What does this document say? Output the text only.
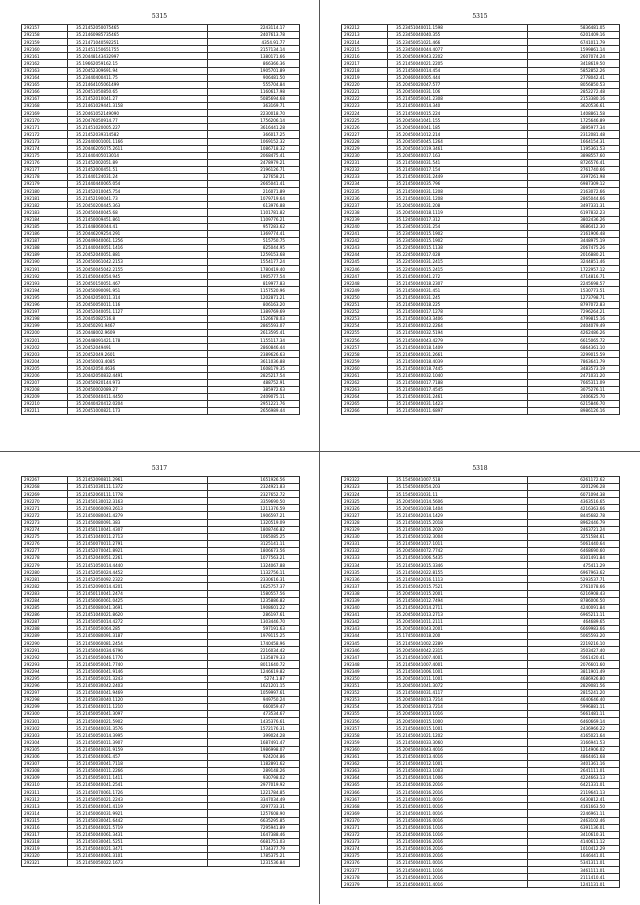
5315
292157	35.21452050075465	2243114.17
292158	35.21460985735465	2407613.78
292159	35.21471040592251	4354.91.77
292160	35.21451150651755	2157134.14
292161	35.20448143432997	1380171.66
292162	35.19662059162.15	866366.36
292163	35.20452309691.94	1905701.89
292164	35.23440400411.75	906481.50
292165	35.21464105061499	555704.84
292166	35.20451050850.65	1160617.98
292167	35.21452010041.27	5085694.68
292168	35.21461029441.3158	363169.71
292169	35.20461052149090	2230018.70
292170	35.20476050914.77	1756206.14
292171	35.21451020005.227	3616441.28
292172	35.21452039314582	366017.25
292173	35.22440001001.1166	1069152.32
292174	35.20446205075.2611	1086718.32
292175	35.21440405013014	2068475.41
292176	35.21452002051.89	2478979.21
292177	35.21452000451.51	2196126.71
292178	35.21440124031.24	327658.21
292179	35.21440440065.054	2665041.41
292180	35.21452010045.754	216071.89
292181	35.21452190041.73	1079719.64
292182	35.20450200445.363	613976.88
292183	35.20450040045.68	1101781.82
292184	35.21450009451.861	1109776.21
292185	35.21448060044.41	957283.62
292186	35.20446209254.291	1369774.41
292187	35.20449040061.1256	515750.75
292188	35.21440040051.1416	825044.95
292189	35.20452040051.881	1259153.68
292190	35.20450061042.2153	1554177.24
292191	35.20450045042.2155	1780419.40
292192	35.21450044054.945	1905777.54
292193	35.20450150051.467	819977.83
292194	35.20450090091.951	1157520.96
292195	35.20442050011.314	1202871.21
292196	35.20450050011.116	806163.20
292197	35.20452040051.1127	1389769.69
292198	35.20445082516.8	1526678.03
292199	35.20450291.9467	2865593.07
292200	35.20448002.9609	2613595.41
292201	35.20448091421.178	1155117.34
292202	35.20452049491	2860846.44
292203	35.20452049.2601	2389626.63
292204	35.20450003.4085	3611036.88
292205	35.20442050.4636	1608179.35
292206	35.20442050832.4491	2825217.54
292207	35.20450920144.973	488752.91
292208	35.20450002089.27	385972.63
292209	35.20450040411.4450	2409075.11
292210	35.20440420412.0204	2951221.76
292211	35.20451000821.173	2656989.44
5315
292212	35.23451040011.1598	5836481.05
292213	35.23450040040.355	6201409.16
292214	35.23450051021.466	6741011.79
292215	35.23450040044.4077	1599861.14
292216	35.20450049043.2202	2607074.24
292217	35.21450040021.2205	3418619.50
292218	35.21450040014.454	5852852.26
292219	35.20460040005.444	2778042.41
292220	35.20450020047.577	8056850.53
292221	35.20450040031.106	2852272.48
292222	35.21450050041.2308	2153380.16
292223	35.21450040014.340	3620536.61
292224	35.21450040015.224	1408861.58
292225	35.20450041041.155	1725646.89
292226	35.20450040041.185	3895977.34
292227	35.20450041012.214	2312081.48
292228	35.20450050045.1264	1664154.31
292229	35.20450041019.3461	1195361.53
292230	35.20450040017.163	3898557.60
292231	35.21450040031.541	8726576.41
292232	35.21450040017.154	2761740.66
292233	35.21450040031.2449	3397261.98
292234	35.21450040035.796	6987309.12
292235	35.21450040031.1208	2163072.66
292236	35.21450040031.1208	2865044.66
292237	35.20450040031.208	3497331.31
292238	35.20450040018.1119	6197832.23
292239	35.12450040017.312	3802436.26
292240	35.23450041031.254	8686412.30
292241	35.23450040015.1902	2161906.48
292242	35.23450040015.1902	3448975.19
292243	35.22450040015.1138	2067475.26
292244	35.22450040017.028	2016880.21
292245	35.22450040031.2415	3244851.46
292246	35.22450040015.2415	1722957.12
292247	35.21450040041.272	4714816.71
292248	35.21450040018.2307	2245698.57
292249	35.21450040031.451	1530773.51
292250	35.21450040031.245	1273798.71
292251	35.21450040018.225	8797072.83
292252	35.21450040017.1278	7296264.21
292253	35.21450040043.3406	4799815.16
292254	35.21450040012.2264	2404079.49
292255	35.21450040032.5194	4262486.26
292256	35.21450040043.4279	6615065.72
292257	35.21450040018.1409	6864361.10
292258	35.21450040031.2661	3299015.59
292259	35.21450040018.4039	7863641.79
292260	35.21450040018.7445	3483573.19
292261	35.21450040032.1040	2471031.20
292262	35.21450040017.7188	7665311.09
292263	35.21450040017.4545	3075276.11
292264	35.21450040031.2461	2406625.70
292265	35.21450040031.1423	6215846.70
292266	35.21450040011.6897	8986126.16
5317
292267	35.21452090811.2961	1651926.56
292268	35.21451030111.1372	2324921.83
292269	35.21452060111.1778	2327652.72
292270	35.21450130012.3163	3359690.50
292271	35.21450060093.2613	1211376.59
292272	35.21450080041.4279	1906597.21
292273	35.21450080091.383	1320519.09
292274	35.21450110041.4307	1808746.82
292275	35.21451040011.2713	1065085.25
292276	35.21450070011.2791	3125141.11
292277	35.21452070041.8921	1806673.56
292278	35.21452040051.2261	1077563.21
292279	35.21451050014.4440	1324067.88
292280	35.21452050024.4452	1132756.11
292281	35.21452050092.2322	2330616.31
292282	35.21452090014.4201	1625757.37
292283	35.21450110041.2474	1580557.56
292284	35.21450060061.0425	1235886.82
292285	35.21450080041.3691	1908601.22
292286	35.21451040021.8620	286197.61
292287	35.21450050014.4272	1303446.70
292288	35.21450050064.285	597191.63
292289	35.21450080091.3187	1979115.25
292290	35.21450060081.2454	1740458.96
292291	35.21450040034.6796	2216034.42
292292	35.21450050046.1770	1335879.33
292293	35.21450050041.7740	8011640.72
292294	35.21450060041.9146	1246619.82
292295	35.21450050021.3243	5274.1.87
292296	35.21450030042.2403	1621201.15
292297	35.21450040041.9469	1059997.61
292298	35.21450030040.1120	949750.24
292299	35.21450040011.1210	660059.47
292300	35.21450050041.3097	473534.67
292301	35.21450040021.5902	1435376.61
292302	35.21450040031.3576	1572176.31
292303	35.21450050014.3995	399024.28
292304	35.21450050011.3907	1687491.47
292305	35.21450040031.9159	1986998.07
292306	35.21450040061.457	924204.86
292307	35.21450030041.7118	1182891.62
292308	35.21450040011.2266	289148.26
292309	35.21450050011.1411	930798.02
292310	35.21450040041.2541	2977019.92
292311	35.21450070061.1726	1221784.85
292312	35.21450050021.2243	3347034.49
292313	35.21450040041.4119	3297733.31
292314	35.21450060031.9921	1257608.90
292315	35.21450030041.6442	6635295.85
292316	35.21450040021.5719	7295941.89
292317	35.21450040061.3431	1647388.46
292318	35.21450030041.5251	6681751.03
292319	35.21450040021.3471	1734377.79
292320	35.21450040061.3101	1785375.21
292321	35.21450050022.1673	1231536.84
5318
292322	35.15450041007.518	6261172.62
292323	35.15450040054.203	3201296.28
292324	35.15450031031.11	6071094.38
292325	35.20450041014.5606	4363516.65
292326	35.20450031038.1404	4216363.66
292327	35.21450042014.1429	8445682.78
292328	35.21450041015.2018	8962446.79
292329	35.21450041016.2020	2463721.24
292330	35.21450041032.3004	3251584.61
292331	35.21450041017.1011	5061440.64
292332	35.20450040072.7742	6468690.60
292333	35.21450041006.5435	8301491.84
292334	35.21450043015.3346	475411.29
292335	35.21450042022.8155	6967963.62
292336	35.21450042016.1113	5293537.71
292337	35.21450042015.7521	2761078.66
292338	35.20450041015.2001	6216908.43
292339	35.21450041012.7494	8786006.50
292340	35.21450042014.2711	4240091.84
292341	35.20450041013.2713	6965211.11
292342	35.20450041011.2111	464689.65
292343	35.20450040043.2001	6669983.66
292344	35.17450040018.200	5065593.20
292345	35.21450041002.2289	2219216.10
292346	35.20450040042.2315	3503427.40
292347	35.21450041007.4001	5061420.41
292348	35.21450041007.4001	2076601.60
292349	35.21450041006.1001	3811901.49
292350	35.20450041011.1001	4686926.80
292351	35.20450041041.3072	2829081.56
292352	35.21450040031.4117	2815241.20
292353	35.20450040013.7214	4640646.40
292354	35.20450040013.7214	5996881.11
292355	35.20450041013.1016	5661481.11
292356	35.20450040015.1000	6460669.14
292357	35.21450040015.1001	2436966.22
292358	35.21450041021.1202	4165021.64
292359	35.21450040033.3060	3166941.53
292360	35.20450040043.4016	1214906.02
292361	35.21450040013.4016	4864461.68
292362	35.21450040012.1001	3401361.16
292363	35.21450040013.1003	2641111.01
292364	35.21450040014.1006	4224663.13
292365	35.21450040016.2016	6421331.01
292366	35.21450040016.2016	2119641.13
292367	35.21450040011.0016	6430812.41
292368	35.21450040011.0016	4161663.50
292369	35.21450040011.0016	2246961.11
292370	35.21450040016.0016	2463102.46
292371	35.21450040016.1016	6391136.01
292372	35.21450040016.1016	3410610.31
292373	35.21450040016.2016	4140611.12
292374	35.21450040016.2016	1010412.29
292375	35.21450040016.2016	1646441.01
292376	35.21450040011.0016	5341311.01
292377	35.21450040011.1016	3461111.01
292378	35.21450040011.2016	2111410.41
292379	35.21450040011.4016	1241131.01
